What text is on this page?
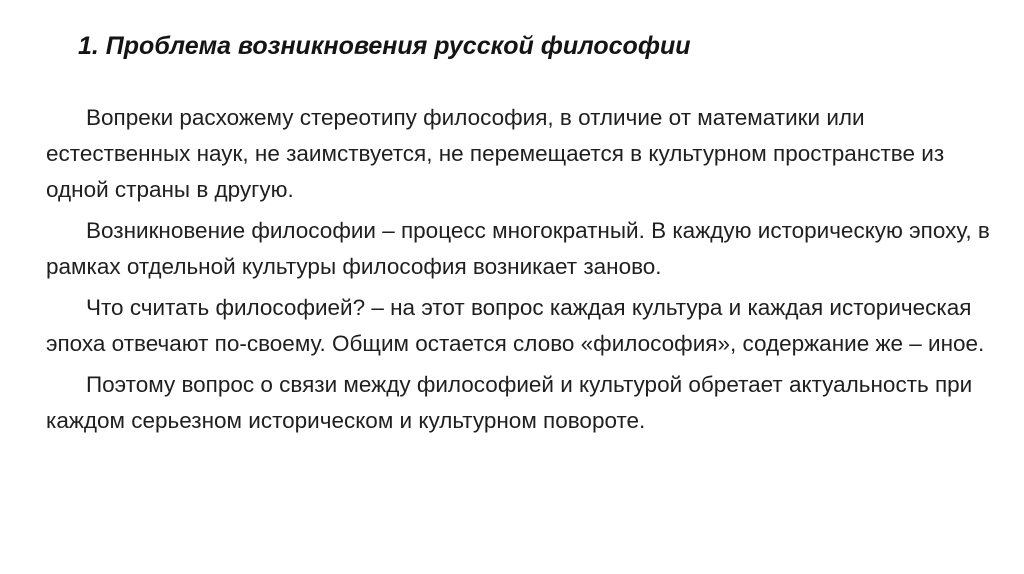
1. Проблема возникновения русской философии

Вопреки расхожему стереотипу философия, в отличие от математики или естественных наук, не заимствуется, не перемещается в культурном пространстве из одной страны в другую.

Возникновение философии – процесс многократный. В каждую историческую эпоху, в рамках отдельной культуры философия возникает заново.

Что считать философией? – на этот вопрос каждая культура и каждая историческая эпоха отвечают по-своему. Общим остается слово «философия», содержание же – иное.

Поэтому вопрос о связи между философией и культурой обретает актуальность при каждом серьезном историческом и культурном повороте.
